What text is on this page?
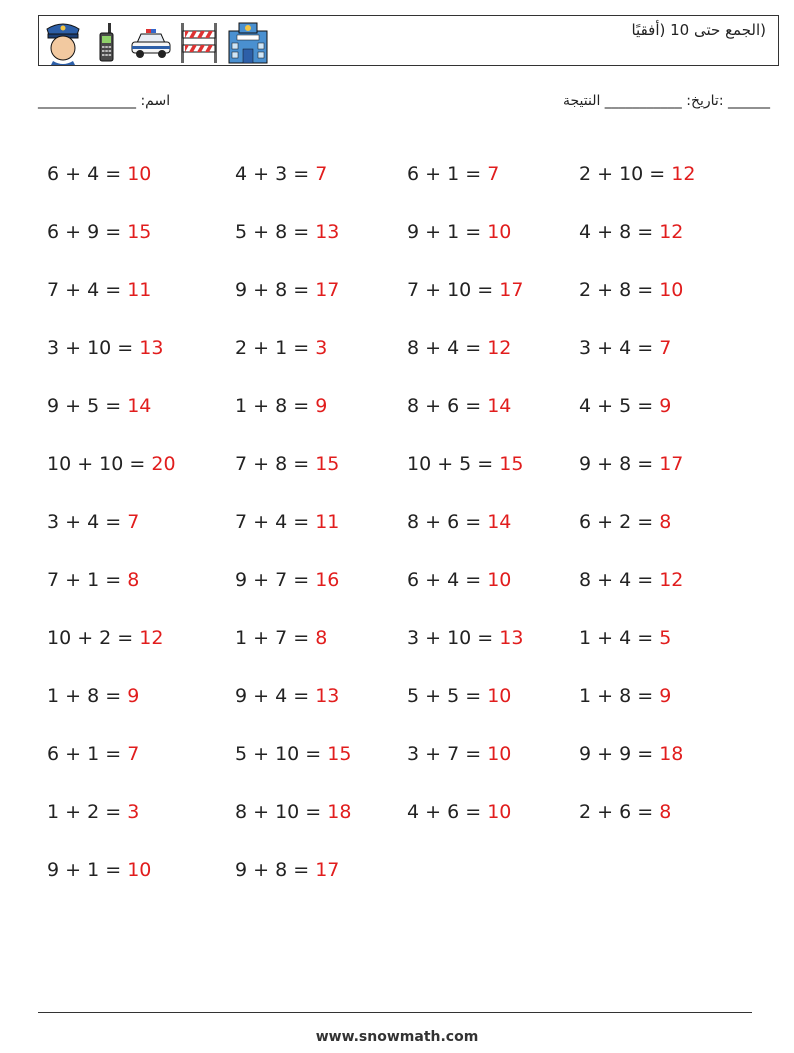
(الجمع حتى 10 (أفقيًا
______ :تاريخ: ___________ النتيجة
اسم: ______________
6 + 4 = 10	4 + 3 = 7	6 + 1 = 7	2 + 10 = 12
6 + 9 = 15	5 + 8 = 13	9 + 1 = 10	4 + 8 = 12
7 + 4 = 11	9 + 8 = 17	7 + 10 = 17	2 + 8 = 10
3 + 10 = 13	2 + 1 = 3	8 + 4 = 12	3 + 4 = 7
9 + 5 = 14	1 + 8 = 9	8 + 6 = 14	4 + 5 = 9
10 + 10 = 20	7 + 8 = 15	10 + 5 = 15	9 + 8 = 17
3 + 4 = 7	7 + 4 = 11	8 + 6 = 14	6 + 2 = 8
7 + 1 = 8	9 + 7 = 16	6 + 4 = 10	8 + 4 = 12
10 + 2 = 12	1 + 7 = 8	3 + 10 = 13	1 + 4 = 5
1 + 8 = 9	9 + 4 = 13	5 + 5 = 10	1 + 8 = 9
6 + 1 = 7	5 + 10 = 15	3 + 7 = 10	9 + 9 = 18
1 + 2 = 3	8 + 10 = 18	4 + 6 = 10	2 + 6 = 8
9 + 1 = 10	9 + 8 = 17
www.snowmath.com
